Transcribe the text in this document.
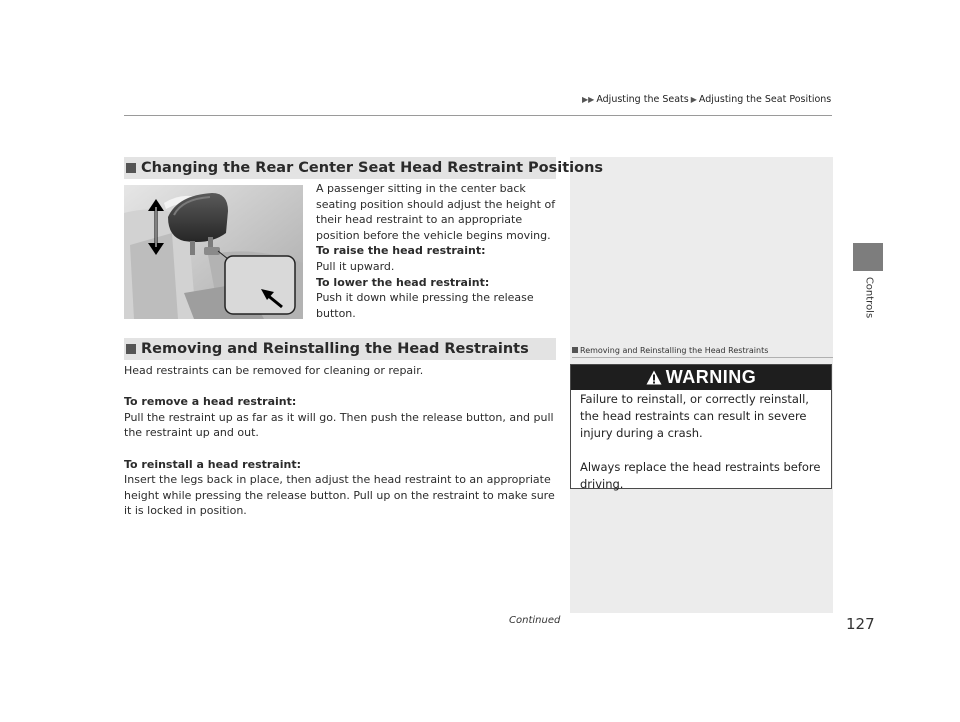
▶▶ Adjusting the Seats ▶ Adjusting the Seat Positions
Controls
Removing and Reinstalling the Head Restraints
WARNING

Failure to reinstall, or correctly reinstall, the head restraints can result in severe injury during a crash.

Always replace the head restraints before driving.

Changing the Rear Center Seat Head Restraint Positions

A passenger sitting in the center back seating position should adjust the height of their head restraint to an appropriate position before the vehicle begins moving.

To raise the head restraint:

Pull it upward.

To lower the head restraint:

Push it down while pressing the release button.

Removing and Reinstalling the Head Restraints

Head restraints can be removed for cleaning or repair.

To remove a head restraint:

Pull the restraint up as far as it will go. Then push the release button, and pull the restraint up and out.

To reinstall a head restraint:

Insert the legs back in place, then adjust the head restraint to an appropriate height while pressing the release button. Pull up on the restraint to make sure it is locked in position.

Continued	127
